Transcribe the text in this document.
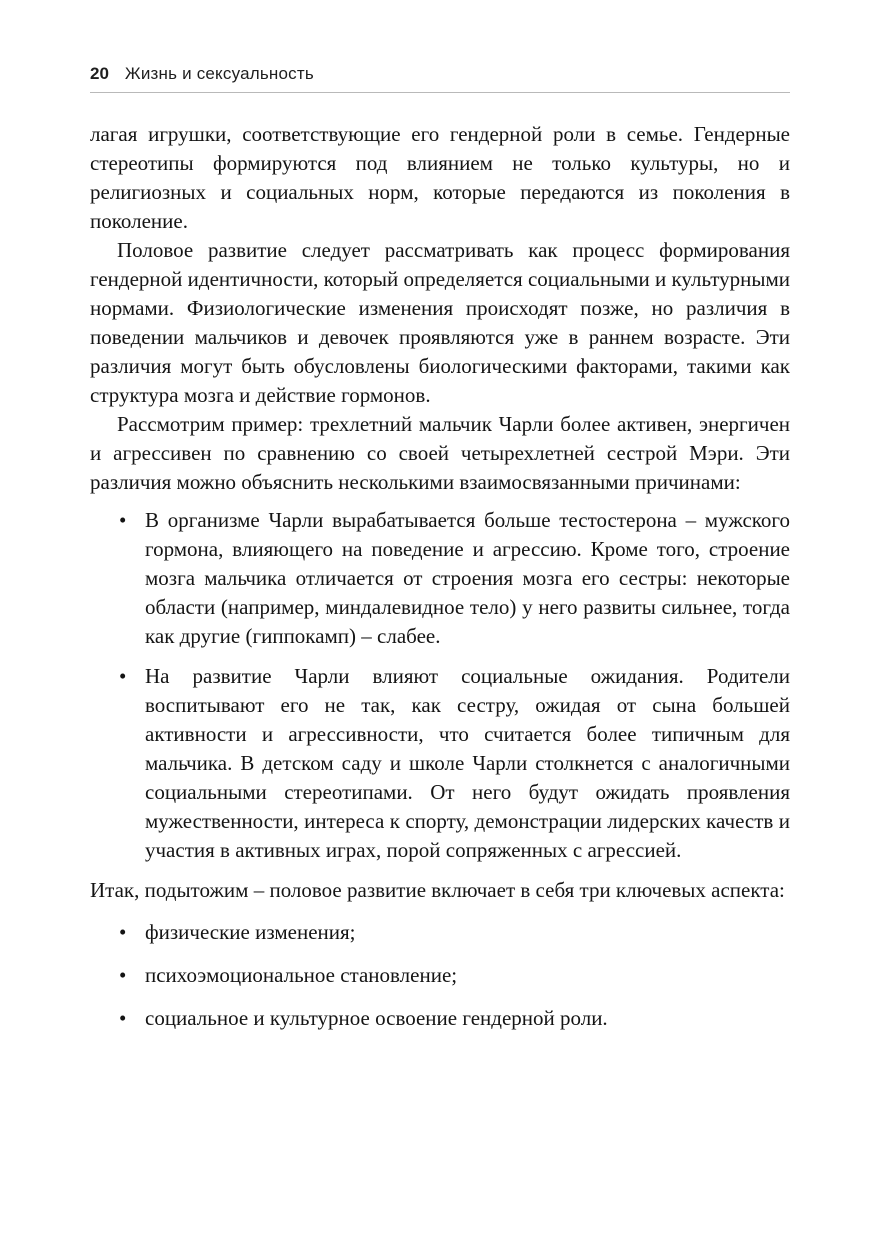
20 Жизнь и сексуальность

лагая игрушки, соответствующие его гендерной роли в семье. Гендерные стереотипы формируются под влиянием не только культуры, но и религиозных и социальных норм, которые передаются из поколения в поколение.

Половое развитие следует рассматривать как процесс формирования гендерной идентичности, который определяется социальными и культурными нормами. Физиологические изменения происходят позже, но различия в поведении мальчиков и девочек проявляются уже в раннем возрасте. Эти различия могут быть обусловлены биологическими факторами, такими как структура мозга и действие гормонов.

Рассмотрим пример: трехлетний мальчик Чарли более активен, энергичен и агрессивен по сравнению со своей четырехлетней сестрой Мэри. Эти различия можно объяснить несколькими взаимосвязанными причинами:

• В организме Чарли вырабатывается больше тестостерона – мужского гормона, влияющего на поведение и агрессию. Кроме того, строение мозга мальчика отличается от строения мозга его сестры: некоторые области (например, миндалевидное тело) у него развиты сильнее, тогда как другие (гиппокамп) – слабее.
• На развитие Чарли влияют социальные ожидания. Родители воспитывают его не так, как сестру, ожидая от сына большей активности и агрессивности, что считается более типичным для мальчика. В детском саду и школе Чарли столкнется с аналогичными социальными стереотипами. От него будут ожидать проявления мужественности, интереса к спорту, демонстрации лидерских качеств и участия в активных играх, порой сопряженных с агрессией.

Итак, подытожим – половое развитие включает в себя три ключевых аспекта:

• физические изменения;
• психоэмоциональное становление;
• социальное и культурное освоение гендерной роли.
